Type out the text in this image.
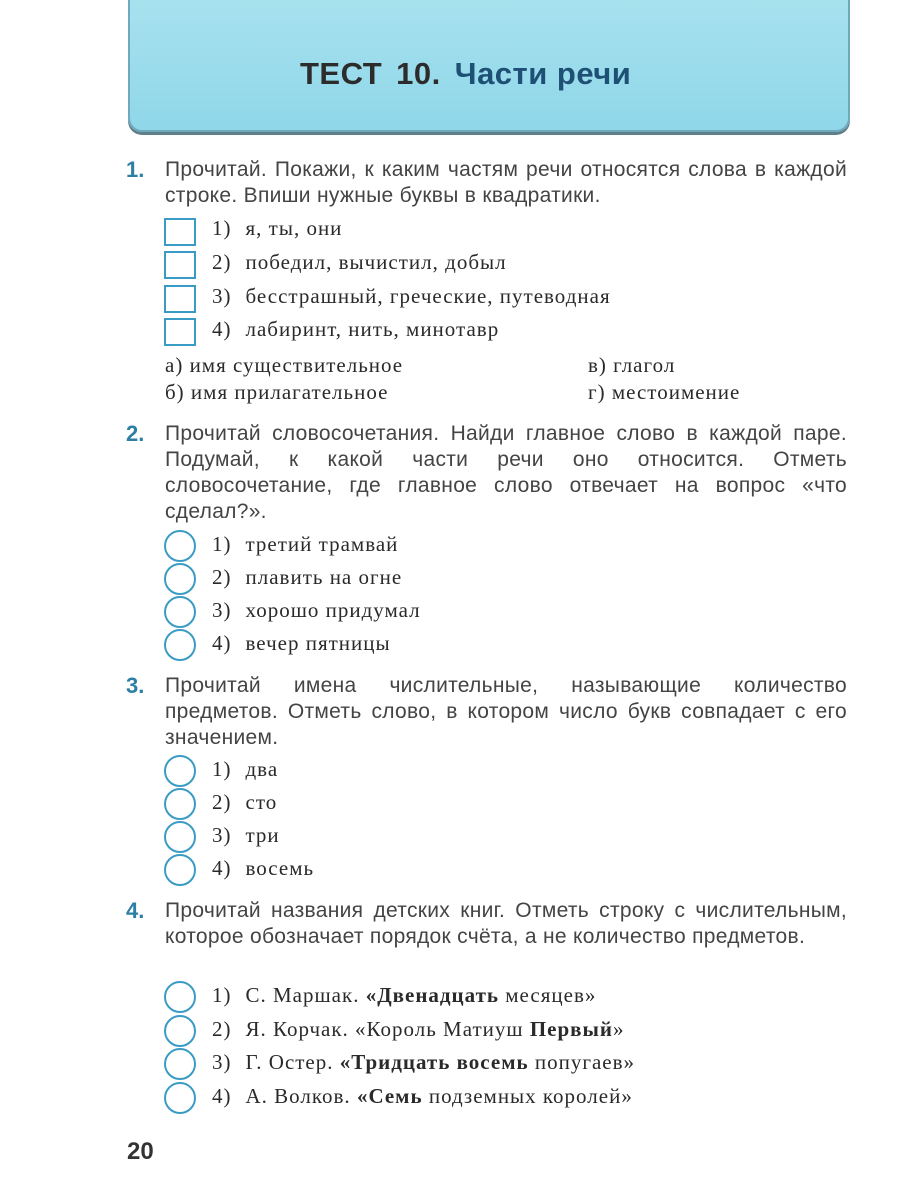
ТЕСТ 10. Части речи
1. Прочитай. Покажи, к каким частям речи относятся слова в каждой строке. Впиши нужные буквы в квадратики.
1) я, ты, они
2) победил, вычистил, добыл
3) бесстрашный, греческие, путеводная
4) лабиринт, нить, минотавр
а) имя существительное	в) глагол
б) имя прилагательное	г) местоимение
2. Прочитай словосочетания. Найди главное слово в каждой паре. Подумай, к какой части речи оно относится. Отметь словосочетание, где главное слово отвечает на вопрос «что сделал?».
1) третий трамвай
2) плавить на огне
3) хорошо придумал
4) вечер пятницы
3. Прочитай имена числительные, называющие количество предметов. Отметь слово, в котором число букв совпадает с его значением.
1) два
2) сто
3) три
4) восемь
4. Прочитай названия детских книг. Отметь строку с числительным, которое обозначает порядок счёта, а не количество предметов.
1) С. Маршак. «Двенадцать месяцев»
2) Я. Корчак. «Король Матиуш Первый»
3) Г. Остер. «Тридцать восемь попугаев»
4) А. Волков. «Семь подземных королей»
20
